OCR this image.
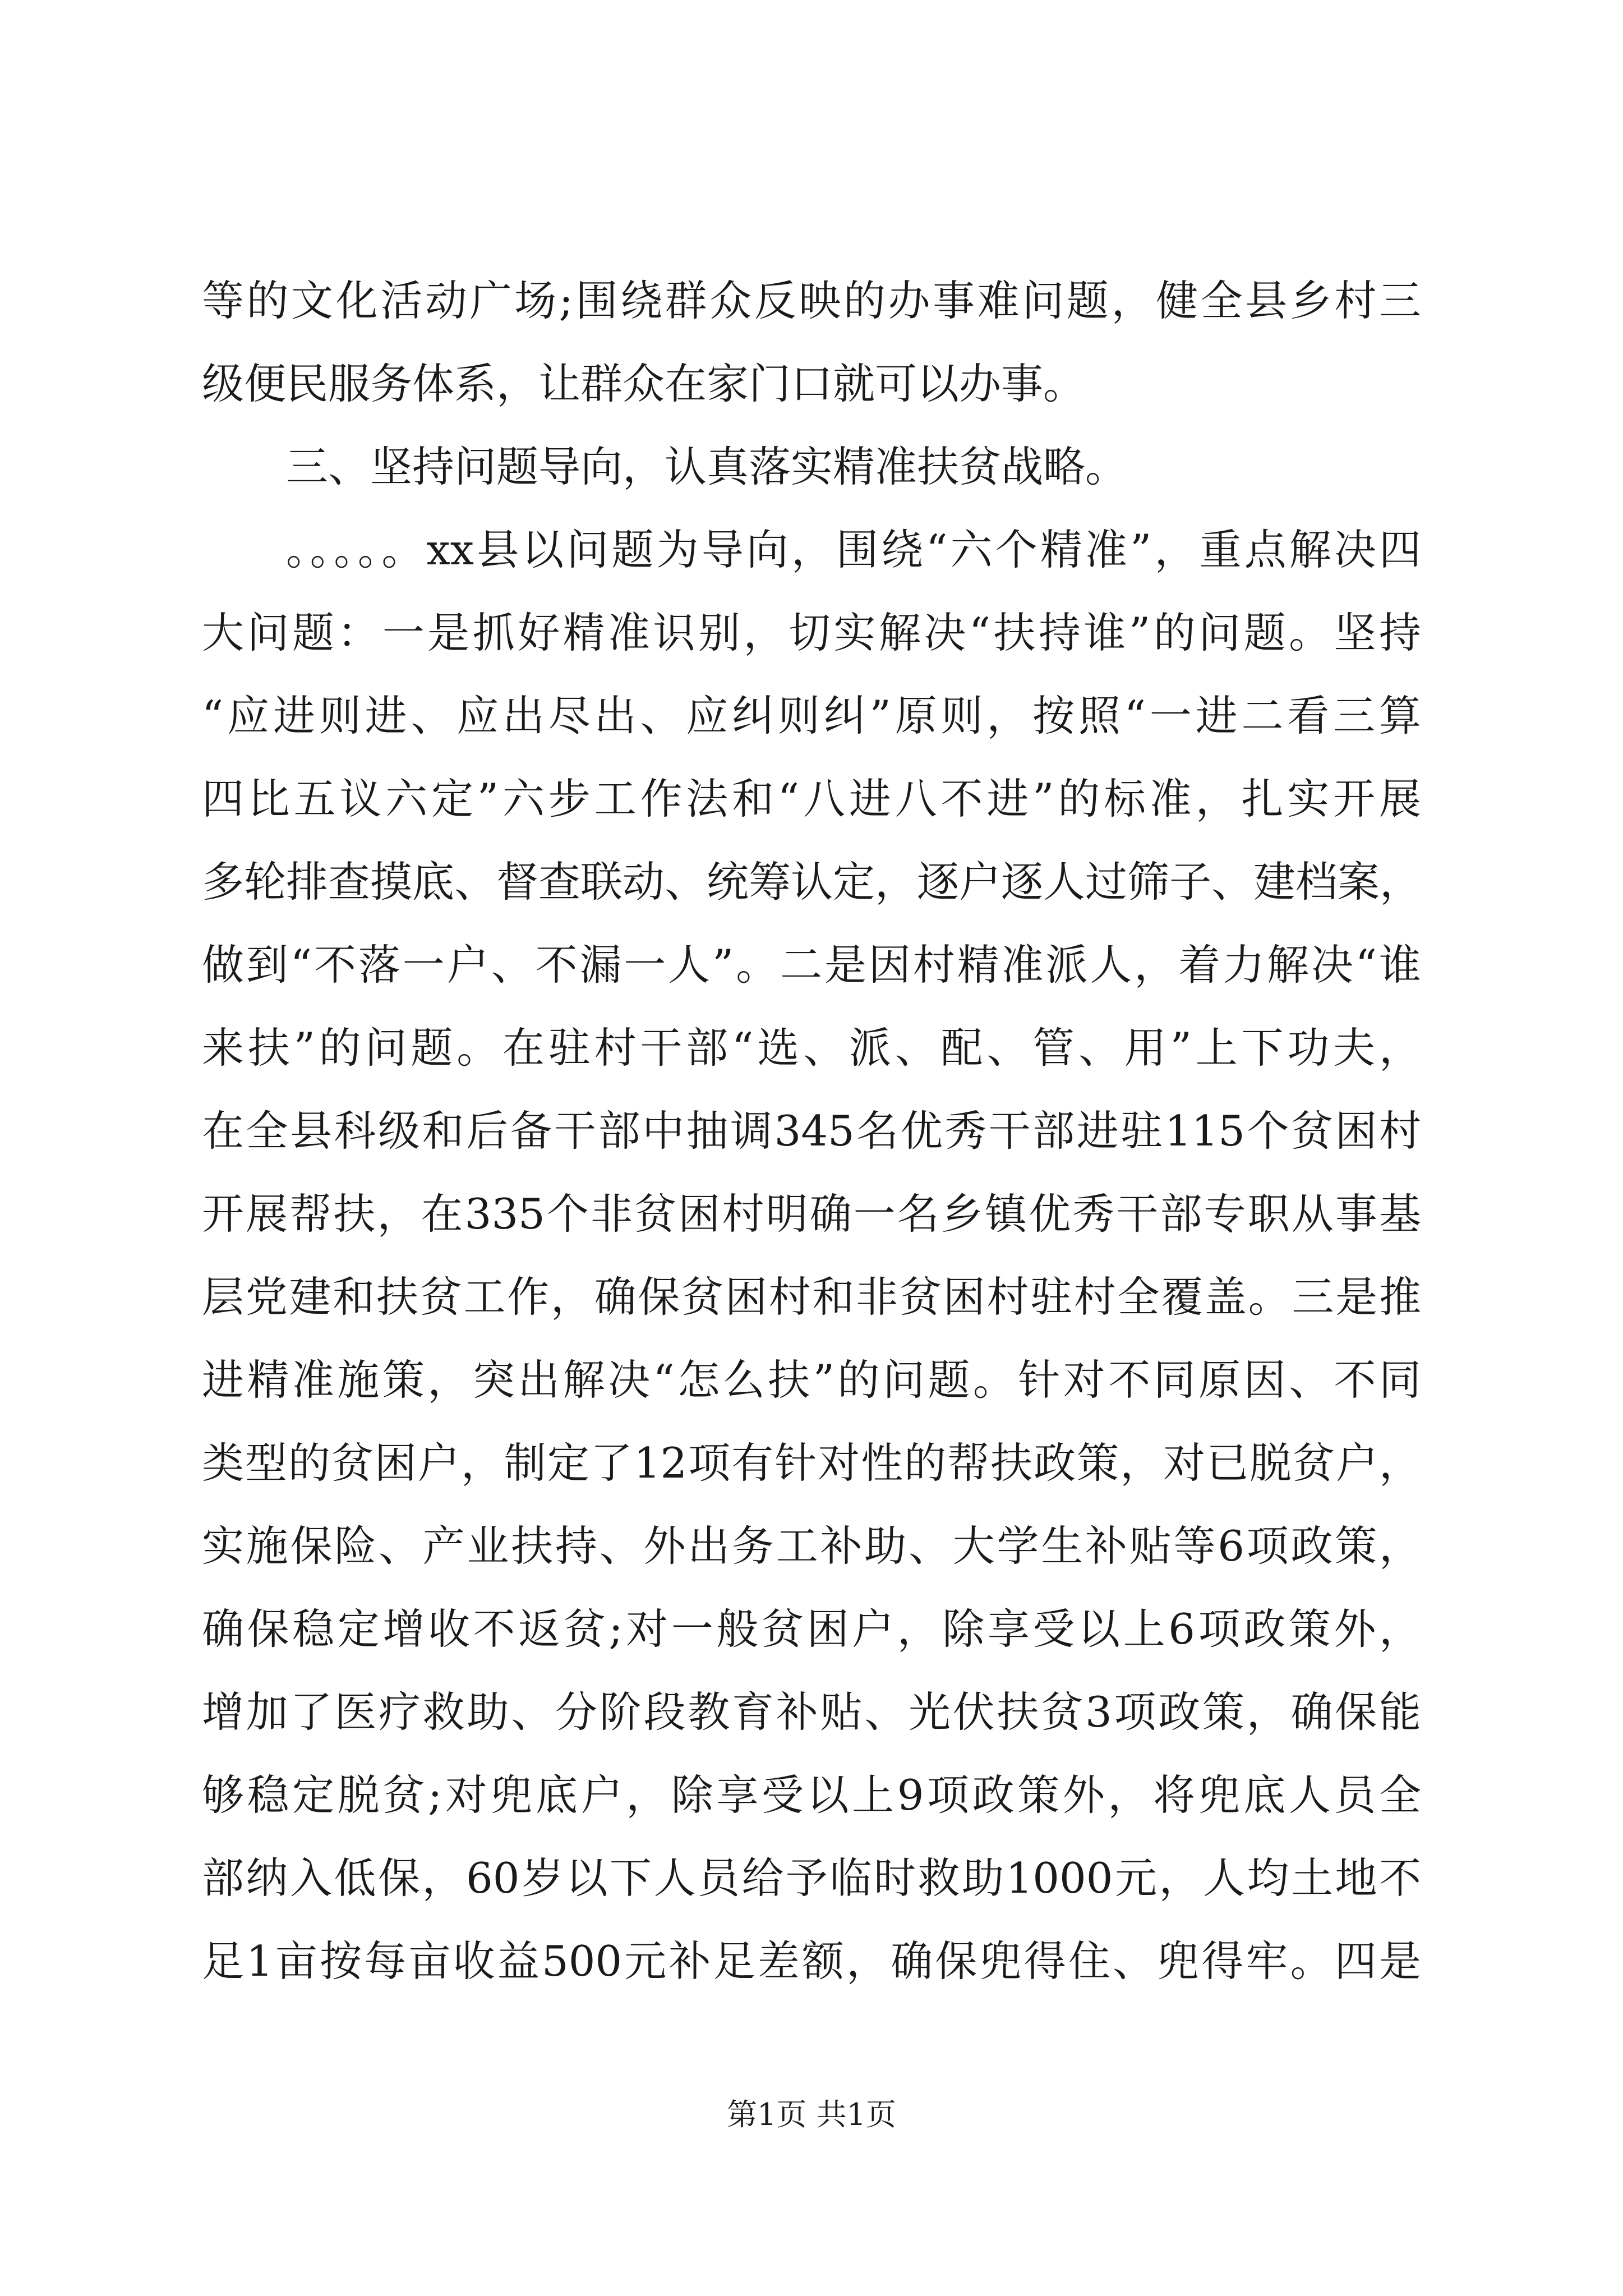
等的文化活动广场;围绕群众反映的办事难问题，健全县乡村三
级便民服务体系，让群众在家门口就可以办事。
三、坚持问题导向，认真落实精准扶贫战略。
。。。。。xx县以问题为导向，围绕“六个精准”，重点解决四
大问题：一是抓好精准识别，切实解决“扶持谁”的问题。坚持
“应进则进、应出尽出、应纠则纠”原则，按照“一进二看三算
四比五议六定”六步工作法和“八进八不进”的标准，扎实开展
多轮排查摸底、督查联动、统筹认定，逐户逐人过筛子、建档案，
做到“不落一户、不漏一人”。二是因村精准派人，着力解决“谁
来扶”的问题。在驻村干部“选、派、配、管、用”上下功夫，
在全县科级和后备干部中抽调345名优秀干部进驻115个贫困村
开展帮扶，在335个非贫困村明确一名乡镇优秀干部专职从事基
层党建和扶贫工作，确保贫困村和非贫困村驻村全覆盖。三是推
进精准施策，突出解决“怎么扶”的问题。针对不同原因、不同
类型的贫困户，制定了12项有针对性的帮扶政策，对已脱贫户，
实施保险、产业扶持、外出务工补助、大学生补贴等6项政策，
确保稳定增收不返贫;对一般贫困户，除享受以上6项政策外，
增加了医疗救助、分阶段教育补贴、光伏扶贫3项政策，确保能
够稳定脱贫;对兜底户，除享受以上9项政策外，将兜底人员全
部纳入低保，60岁以下人员给予临时救助1000元，人均土地不
足1亩按每亩收益500元补足差额，确保兜得住、兜得牢。四是
第1页 共1页
